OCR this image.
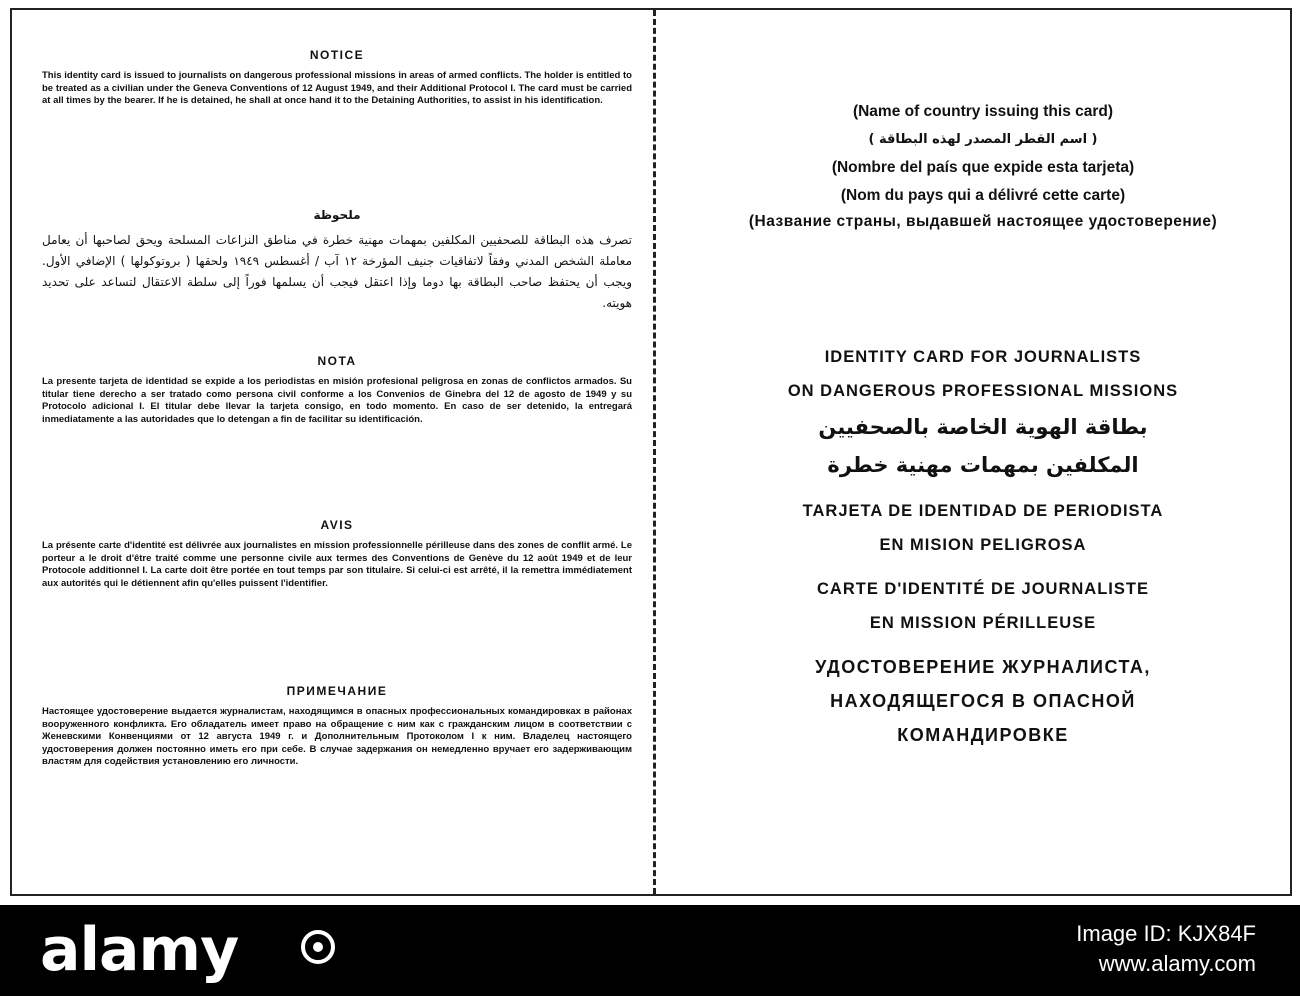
NOTICE

This identity card is issued to journalists on dangerous professional missions in areas of armed conflicts. The holder is entitled to be treated as a civilian under the Geneva Conventions of 12 August 1949, and their Additional Protocol I. The card must be carried at all times by the bearer. If he is detained, he shall at once hand it to the Detaining Authorities, to assist in his identification.

ملحوظة

تصرف هذه البطاقة للصحفيين المكلفين بمهمات مهنية خطرة في مناطق النزاعات المسلحة ويحق لصاحبها أن يعامل معاملة الشخص المدني وفقاً لاتفاقيات جنيف المؤرخة ١٢ آب / أغسطس ١٩٤٩ ولحقها ( بروتوكولها ) الإضافي الأول. ويجب أن يحتفظ صاحب البطاقة بها دوما وإذا اعتقل فيجب أن يسلمها فوراً إلى سلطة الاعتقال لتساعد على تحديد هويته.

NOTA

La presente tarjeta de identidad se expide a los periodistas en misión profesional peligrosa en zonas de conflictos armados. Su titular tiene derecho a ser tratado como persona civil conforme a los Convenios de Ginebra del 12 de agosto de 1949 y su Protocolo adicional I. El titular debe llevar la tarjeta consigo, en todo momento. En caso de ser detenido, la entregará inmediatamente a las autoridades que lo detengan a fin de facilitar su identificación.

AVIS

La présente carte d'identité est délivrée aux journalistes en mission professionnelle périlleuse dans des zones de conflit armé. Le porteur a le droit d'être traité comme une personne civile aux termes des Conventions de Genève du 12 août 1949 et de leur Protocole additionnel I. La carte doit être portée en tout temps par son titulaire. Si celui-ci est arrêté, il la remettra immédiatement aux autorités qui le détiennent afin qu'elles puissent l'identifier.

ПРИМЕЧАНИЕ

Настоящее удостоверение выдается журналистам, находящимся в опасных профессиональных командировках в районах вооруженного конфликта. Его обладатель имеет право на обращение с ним как с гражданским лицом в соответствии с Женевскими Конвенциями от 12 августа 1949 г. и Дополнительным Протоколом I к ним. Владелец настоящего удостоверения должен постоянно иметь его при себе. В случае задержания он немедленно вручает его задерживающим властям для содействия установлению его личности.

(Name of country issuing this card)

( اسم القطر المصدر لهذه البطاقة )

(Nombre del país que expide esta tarjeta)

(Nom du pays qui a délivré cette carte)

(Название страны, выдавшей настоящее удостоверение)

IDENTITY CARD FOR JOURNALISTS

ON DANGEROUS PROFESSIONAL MISSIONS

بطاقة الهوية الخاصة بالصحفيين

المكلفين بمهمات مهنية خطرة

TARJETA DE IDENTIDAD DE PERIODISTA

EN MISION PELIGROSA

CARTE D'IDENTITÉ DE JOURNALISTE

EN MISSION PÉRILLEUSE

УДОСТОВЕРЕНИЕ ЖУРНАЛИСТА,

НАХОДЯЩЕГОСЯ В ОПАСНОЙ

КОМАНДИРОВКЕ

alamy	Image ID: KJX84F
www.alamy.com
